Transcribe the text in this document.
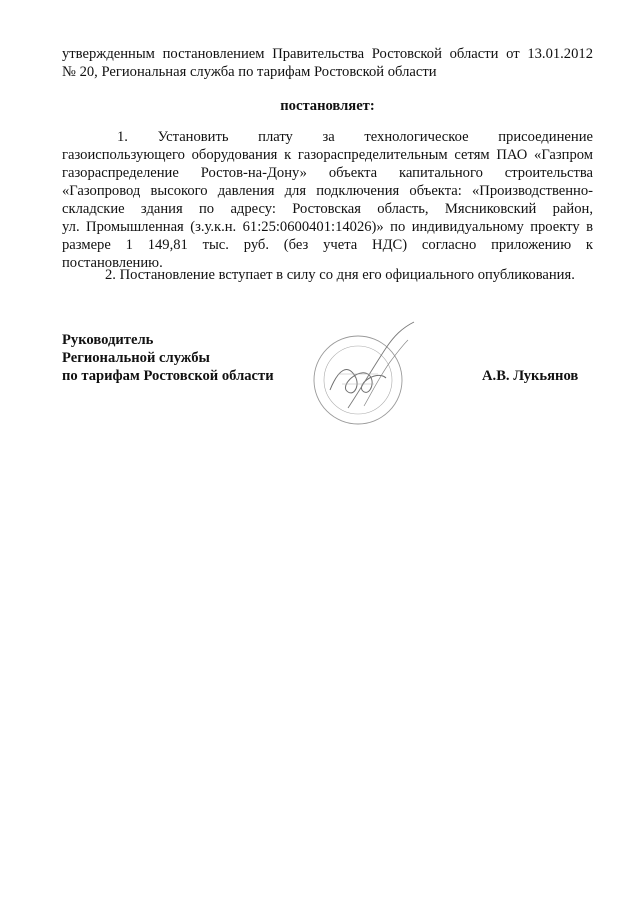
утвержденным постановлением Правительства Ростовской области от 13.01.2012
№ 20, Региональная служба по тарифам Ростовской области
постановляет:
1.      Установить      плату      за      технологическое      присоединение
газоиспользующего оборудования к газораспределительным сетям ПАО «Газпром
газораспределение Ростов-на-Дону» объекта капитального строительства
«Газопровод высокого давления для подключения объекта: «Производственно-
складские здания по адресу: Ростовская область, Мясниковский район,
ул. Промышленная (з.у.к.н. 61:25:0600401:14026)» по индивидуальному проекту в
размере 1 149,81 тыс. руб. (без учета НДС) согласно приложению к
постановлению.
2. Постановление вступает в силу со дня его официального опубликования.
Руководитель
Региональной службы
по тарифам Ростовской области	А.В. Лукьянов
